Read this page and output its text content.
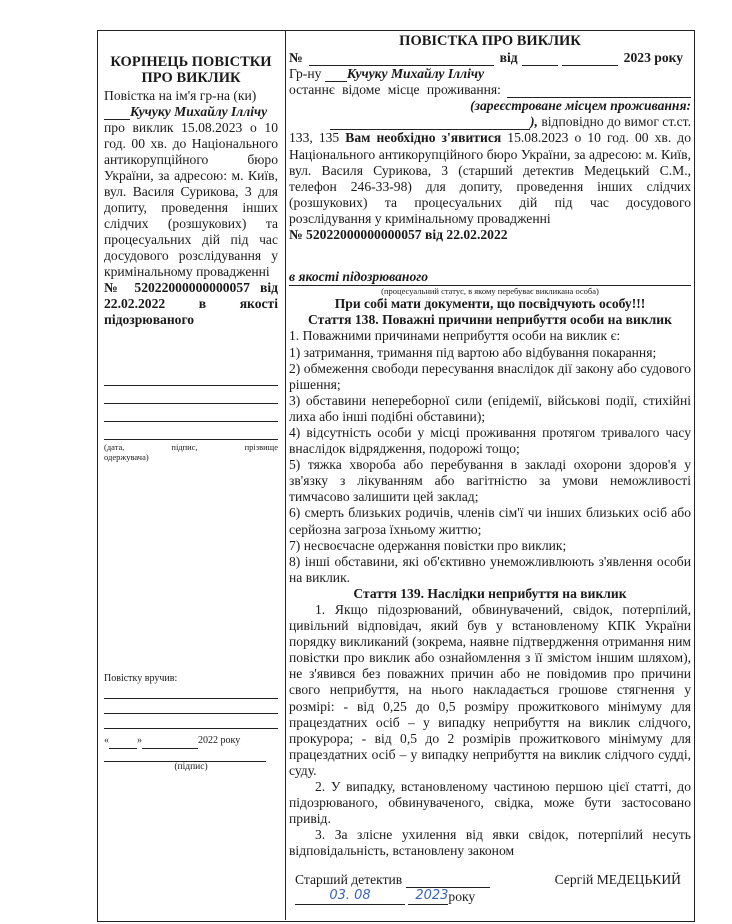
КОРІНЕЦЬ ПОВІСТКИ ПРО ВИКЛИК

Повістка на ім'я гр-на (ки)Кучуку Михайлу Іллічу

про виклик 15.08.2023 о 10 год. 00 хв. до Національного антикорупційного бюро України, за адресою: м. Київ, вул. Василя Сурикова, 3 для допиту, проведення інших слідчих (розшукових) та процесуальних дій під час досудового розслідування у кримінальному провадженні

№ 52022000000000057 від 22.02.2022 в якості підозрюваного

(дата,	підпис,	прізвище
одержувача)
Повістку вручив:
«	»	2022 року
(підпис)
ПОВІСТКА ПРО ВИКЛИК

№	від	2023 року

Гр-ну Кучуку Михайлу Іллічу

останнє відоме місце проживання:

(зареєстроване місцем проживання:

), відповідно до вимог ст.ст.

133, 135 Вам необхідно з'явитися 15.08.2023 о 10 год. 00 хв. до Національного антикорупційного бюро України, за адресою: м. Київ, вул. Василя Сурикова, 3 (старший детектив Медецький С.М., телефон 246-33-98) для допиту, проведення інших слідчих (розшукових) та процесуальних дій під час досудового розслідування у кримінальному провадженні

№ 52022000000000057 від 22.02.2022

в якості підозрюваного
(процесуальний статус, в якому перебуває викликана особа)

При собі мати документи, що посвідчують особу!!!

Стаття 138. Поважні причини неприбуття особи на виклик

1. Поважними причинами неприбуття особи на виклик є:

1) затримання, тримання під вартою або відбування покарання;

2) обмеження свободи пересування внаслідок дії закону або судового рішення;

3) обставини непереборної сили (епідемії, військові події, стихійні лиха або інші подібні обставини);

4) відсутність особи у місці проживання протягом тривалого часу внаслідок відрядження, подорожі тощо;

5) тяжка хвороба або перебування в закладі охорони здоров'я у зв'язку з лікуванням або вагітністю за умови неможливості тимчасово залишити цей заклад;

6) смерть близьких родичів, членів сім'ї чи інших близьких осіб або серйозна загроза їхньому життю;

7) несвоєчасне одержання повістки про виклик;

8) інші обставини, які об'єктивно унеможливлюють з'явлення особи на виклик.

Стаття 139. Наслідки неприбуття на виклик

1. Якщо підозрюваний, обвинувачений, свідок, потерпілий, цивільний відповідач, який був у встановленому КПК України порядку викликаний (зокрема, наявне підтвердження отримання ним повістки про виклик або ознайомлення з її змістом іншим шляхом), не з'явився без поважних причин або не повідомив про причини свого неприбуття, на нього накладається грошове стягнення у розмірі: - від 0,25 до 0,5 розміру прожиткового мінімуму для працездатних осіб – у випадку неприбуття на виклик слідчого, прокурора; - від 0,5 до 2 розмірів прожиткового мінімуму для працездатних осіб – у випадку неприбуття на виклик слідчого судді, суду.

2. У випадку, встановленому частиною першою цієї статті, до підозрюваного, обвинуваченого, свідка, може бути застосовано привід.

3. За злісне ухилення від явки свідок, потерпілий несуть відповідальність, встановлену законом

Старший детектив	Сергій МЕДЕЦЬКИЙ
03. 08	2023року
